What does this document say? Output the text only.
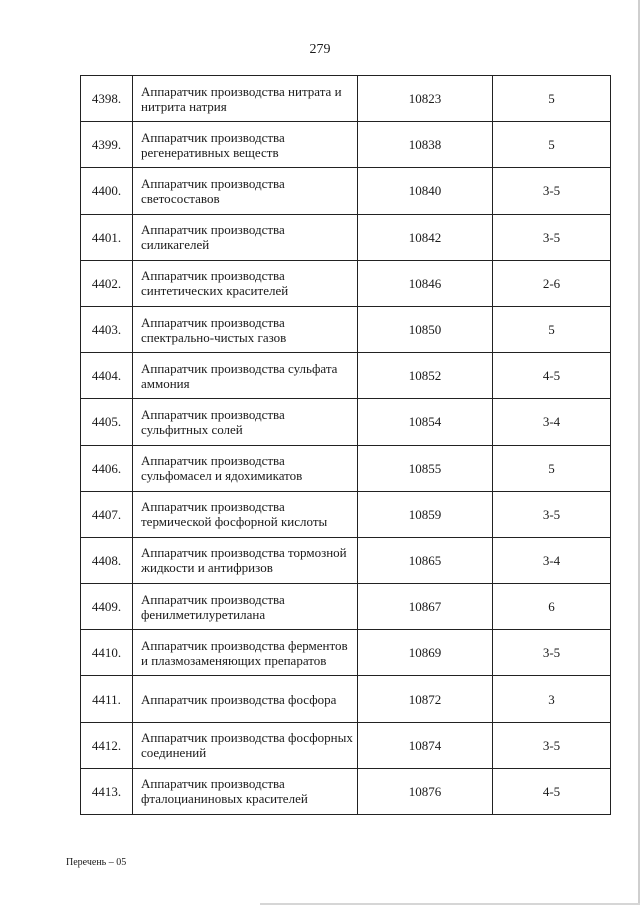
279
4398.	Аппаратчик производства нитрата и нитрита натрия	10823	5
4399.	Аппаратчик производства регенеративных веществ	10838	5
4400.	Аппаратчик производства светосоставов	10840	3-5
4401.	Аппаратчик производства силикагелей	10842	3-5
4402.	Аппаратчик производства синтетических красителей	10846	2-6
4403.	Аппаратчик производства спектрально-чистых газов	10850	5
4404.	Аппаратчик производства сульфата аммония	10852	4-5
4405.	Аппаратчик производства сульфитных солей	10854	3-4
4406.	Аппаратчик производства сульфомасел и ядохимикатов	10855	5
4407.	Аппаратчик производства термической фосфорной кислоты	10859	3-5
4408.	Аппаратчик производства тормозной жидкости и антифризов	10865	3-4
4409.	Аппаратчик производства фенилметилуретилана	10867	6
4410.	Аппаратчик производства ферментов и плазмозаменяющих препаратов	10869	3-5
4411.	Аппаратчик производства фосфора	10872	3
4412.	Аппаратчик производства фосфорных соединений	10874	3-5
4413.	Аппаратчик производства фталоцианиновых красителей	10876	4-5
Перечень – 05
